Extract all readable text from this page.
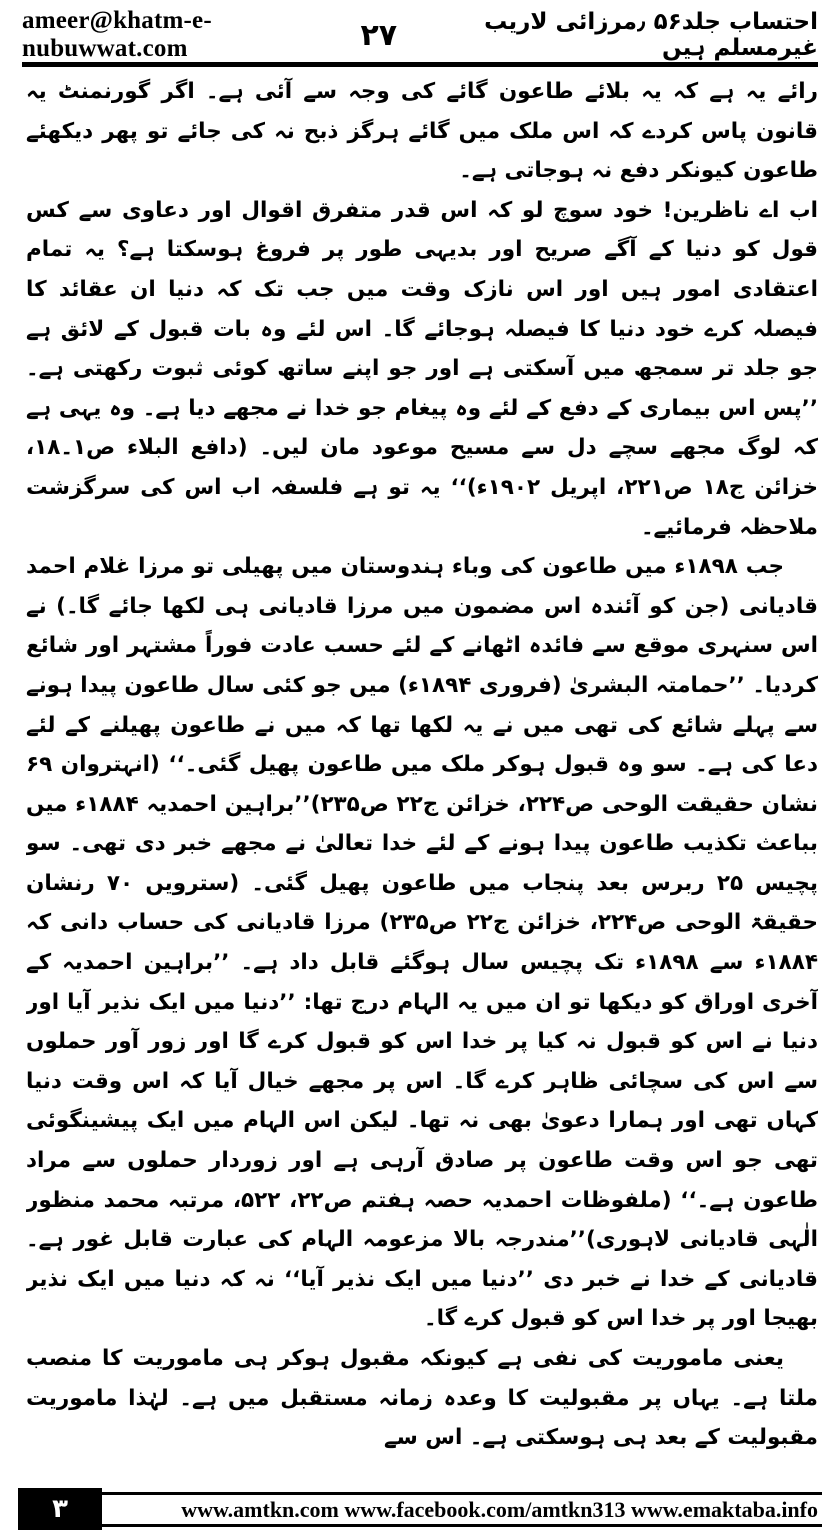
ameer@khatm-e-nubuwwat.com	۲۷	احتساب جلد۵۶ ٫مرزائی لاریب غیرمسلم ہیں

رائے یہ ہے کہ یہ بلائے طاعون گائے کی وجہ سے آئی ہے۔ اگر گورنمنٹ یہ قانون پاس کردے کہ اس ملک میں گائے ہرگز ذبح نہ کی جائے تو پھر دیکھئے طاعون کیونکر دفع نہ ہوجاتی ہے۔

اب اے ناظرین! خود سوچ لو کہ اس قدر متفرق اقوال اور دعاوی سے کس قول کو دنیا کے آگے صریح اور بدیہی طور پر فروغ ہوسکتا ہے؟ یہ تمام اعتقادی امور ہیں اور اس نازک وقت میں جب تک کہ دنیا ان عقائد کا فیصلہ کرے خود دنیا کا فیصلہ ہوجائے گا۔ اس لئے وہ بات قبول کے لائق ہے جو جلد تر سمجھ میں آسکتی ہے اور جو اپنے ساتھ کوئی ثبوت رکھتی ہے۔ ’’پس اس بیماری کے دفع کے لئے وہ پیغام جو خدا نے مجھے دیا ہے۔ وہ یہی ہے کہ لوگ مجھے سچے دل سے مسیح موعود مان لیں۔ (دافع البلاء ص۱۔۱۸، خزائن ج۱۸ ص۲۲۱، اپریل ۱۹۰۲ء)‘‘ یہ تو ہے فلسفہ اب اس کی سرگزشت ملاحظہ فرمائیے۔

جب ۱۸۹۸ء میں طاعون کی وباء ہندوستان میں پھیلی تو مرزا غلام احمد قادیانی (جن کو آئندہ اس مضمون میں مرزا قادیانی ہی لکھا جائے گا۔) نے اس سنہری موقع سے فائدہ اٹھانے کے لئے حسب عادت فوراً مشتہر اور شائع کردیا۔ ’’حمامتہ البشریٰ (فروری ۱۸۹۴ء) میں جو کئی سال طاعون پیدا ہونے سے پہلے شائع کی تھی میں نے یہ لکھا تھا کہ میں نے طاعون پھیلنے کے لئے دعا کی ہے۔ سو وہ قبول ہوکر ملک میں طاعون پھیل گئی۔‘‘ (انہتروان ۶۹ نشان حقیقت الوحی ص۲۲۴، خزائن ج۲۲ ص۲۳۵)’’براہین احمدیہ ۱۸۸۴ء میں بباعث تکذیب طاعون پیدا ہونے کے لئے خدا تعالیٰ نے مجھے خبر دی تھی۔ سو پچیس ۲۵ ربرس بعد پنجاب میں طاعون پھیل گئی۔ (سترویں ۷۰ رنشان حقیقۃ الوحی ص۲۲۴، خزائن ج۲۲ ص۲۳۵) مرزا قادیانی کی حساب دانی کہ ۱۸۸۴ء سے ۱۸۹۸ء تک پچیس سال ہوگئے قابل داد ہے۔ ’’براہین احمدیہ کے آخری اوراق کو دیکھا تو ان میں یہ الہام درج تھا: ’’دنیا میں ایک نذیر آیا اور دنیا نے اس کو قبول نہ کیا پر خدا اس کو قبول کرے گا اور زور آور حملوں سے اس کی سچائی ظاہر کرے گا۔ اس پر مجھے خیال آیا کہ اس وقت دنیا کہاں تھی اور ہمارا دعویٰ بھی نہ تھا۔ لیکن اس الہام میں ایک پیشینگوئی تھی جو اس وقت طاعون پر صادق آرہی ہے اور زوردار حملوں سے مراد طاعون ہے۔‘‘ (ملفوظات احمدیہ حصہ ہفتم ص۲۲، ۵۲۲، مرتبہ محمد منظور الٰہی قادیانی لاہوری)’’مندرجہ بالا مزعومہ الہام کی عبارت قابل غور ہے۔ قادیانی کے خدا نے خبر دی ’’دنیا میں ایک نذیر آیا‘‘ نہ کہ دنیا میں ایک نذیر بھیجا اور پر خدا اس کو قبول کرے گا۔

یعنی ماموریت کی نفی ہے کیونکہ مقبول ہوکر ہی ماموریت کا منصب ملتا ہے۔ یہاں پر مقبولیت کا وعدہ زمانہ مستقبل میں ہے۔ لہٰذا ماموریت مقبولیت کے بعد ہی ہوسکتی ہے۔ اس سے

۳	www.amtkn.com www.facebook.com/amtkn313 www.emaktaba.info
